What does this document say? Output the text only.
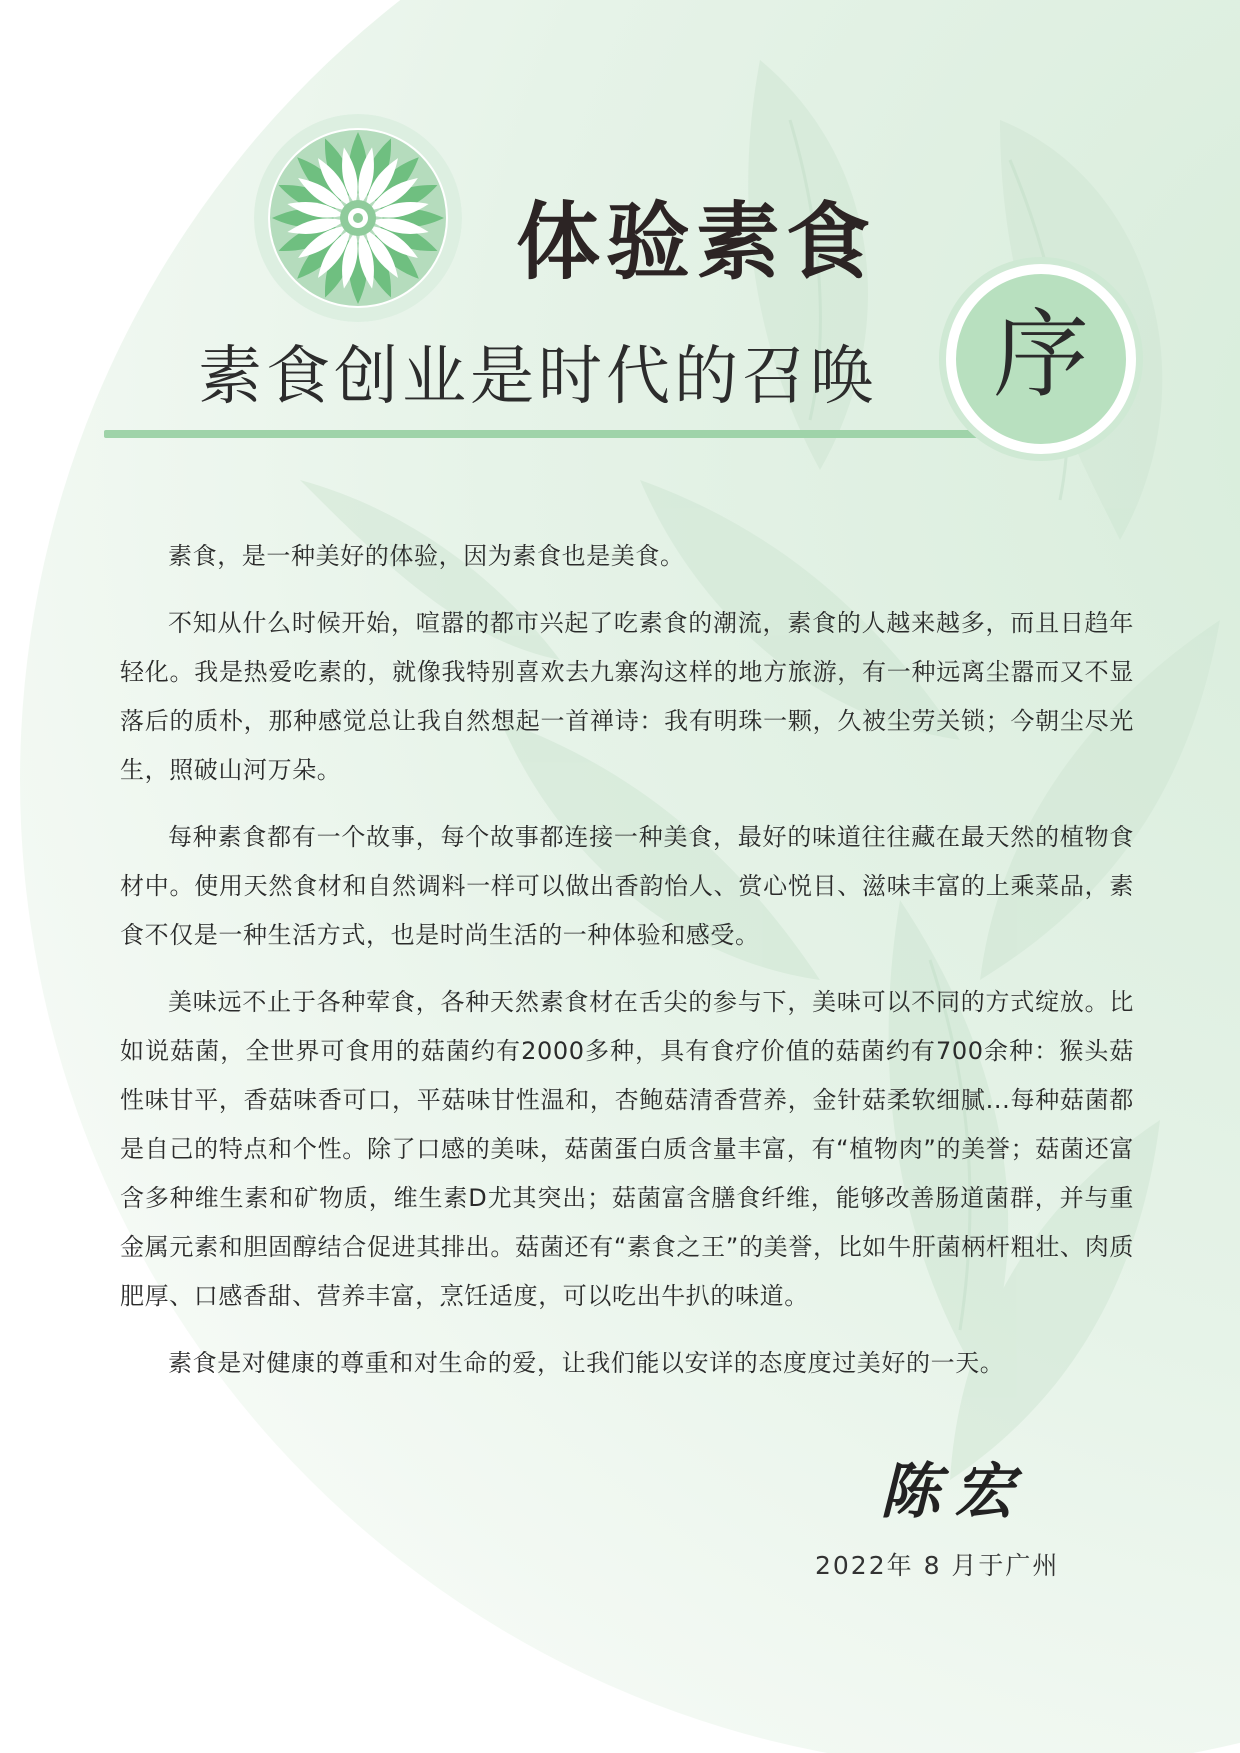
体验素食
素食创业是时代的召唤	序

素食，是一种美好的体验，因为素食也是美食。

不知从什么时候开始，喧嚣的都市兴起了吃素食的潮流，素食的人越来越多，而且日趋年轻化。我是热爱吃素的，就像我特别喜欢去九寨沟这样的地方旅游，有一种远离尘嚣而又不显落后的质朴，那种感觉总让我自然想起一首禅诗：我有明珠一颗，久被尘劳关锁；今朝尘尽光生，照破山河万朵。

每种素食都有一个故事，每个故事都连接一种美食，最好的味道往往藏在最天然的植物食材中。使用天然食材和自然调料一样可以做出香韵怡人、赏心悦目、滋味丰富的上乘菜品，素食不仅是一种生活方式，也是时尚生活的一种体验和感受。

美味远不止于各种荤食，各种天然素食材在舌尖的参与下，美味可以不同的方式绽放。比如说菇菌，全世界可食用的菇菌约有2000多种，具有食疗价值的菇菌约有700余种：猴头菇性味甘平，香菇味香可口，平菇味甘性温和，杏鲍菇清香营养，金针菇柔软细腻...每种菇菌都是自己的特点和个性。除了口感的美味，菇菌蛋白质含量丰富，有“植物肉”的美誉；菇菌还富含多种维生素和矿物质，维生素D尤其突出；菇菌富含膳食纤维，能够改善肠道菌群，并与重金属元素和胆固醇结合促进其排出。菇菌还有“素食之王”的美誉，比如牛肝菌柄杆粗壮、肉质肥厚、口感香甜、营养丰富，烹饪适度，可以吃出牛扒的味道。

素食是对健康的尊重和对生命的爱，让我们能以安详的态度度过美好的一天。

陈宏
2022年 8 月于广州
